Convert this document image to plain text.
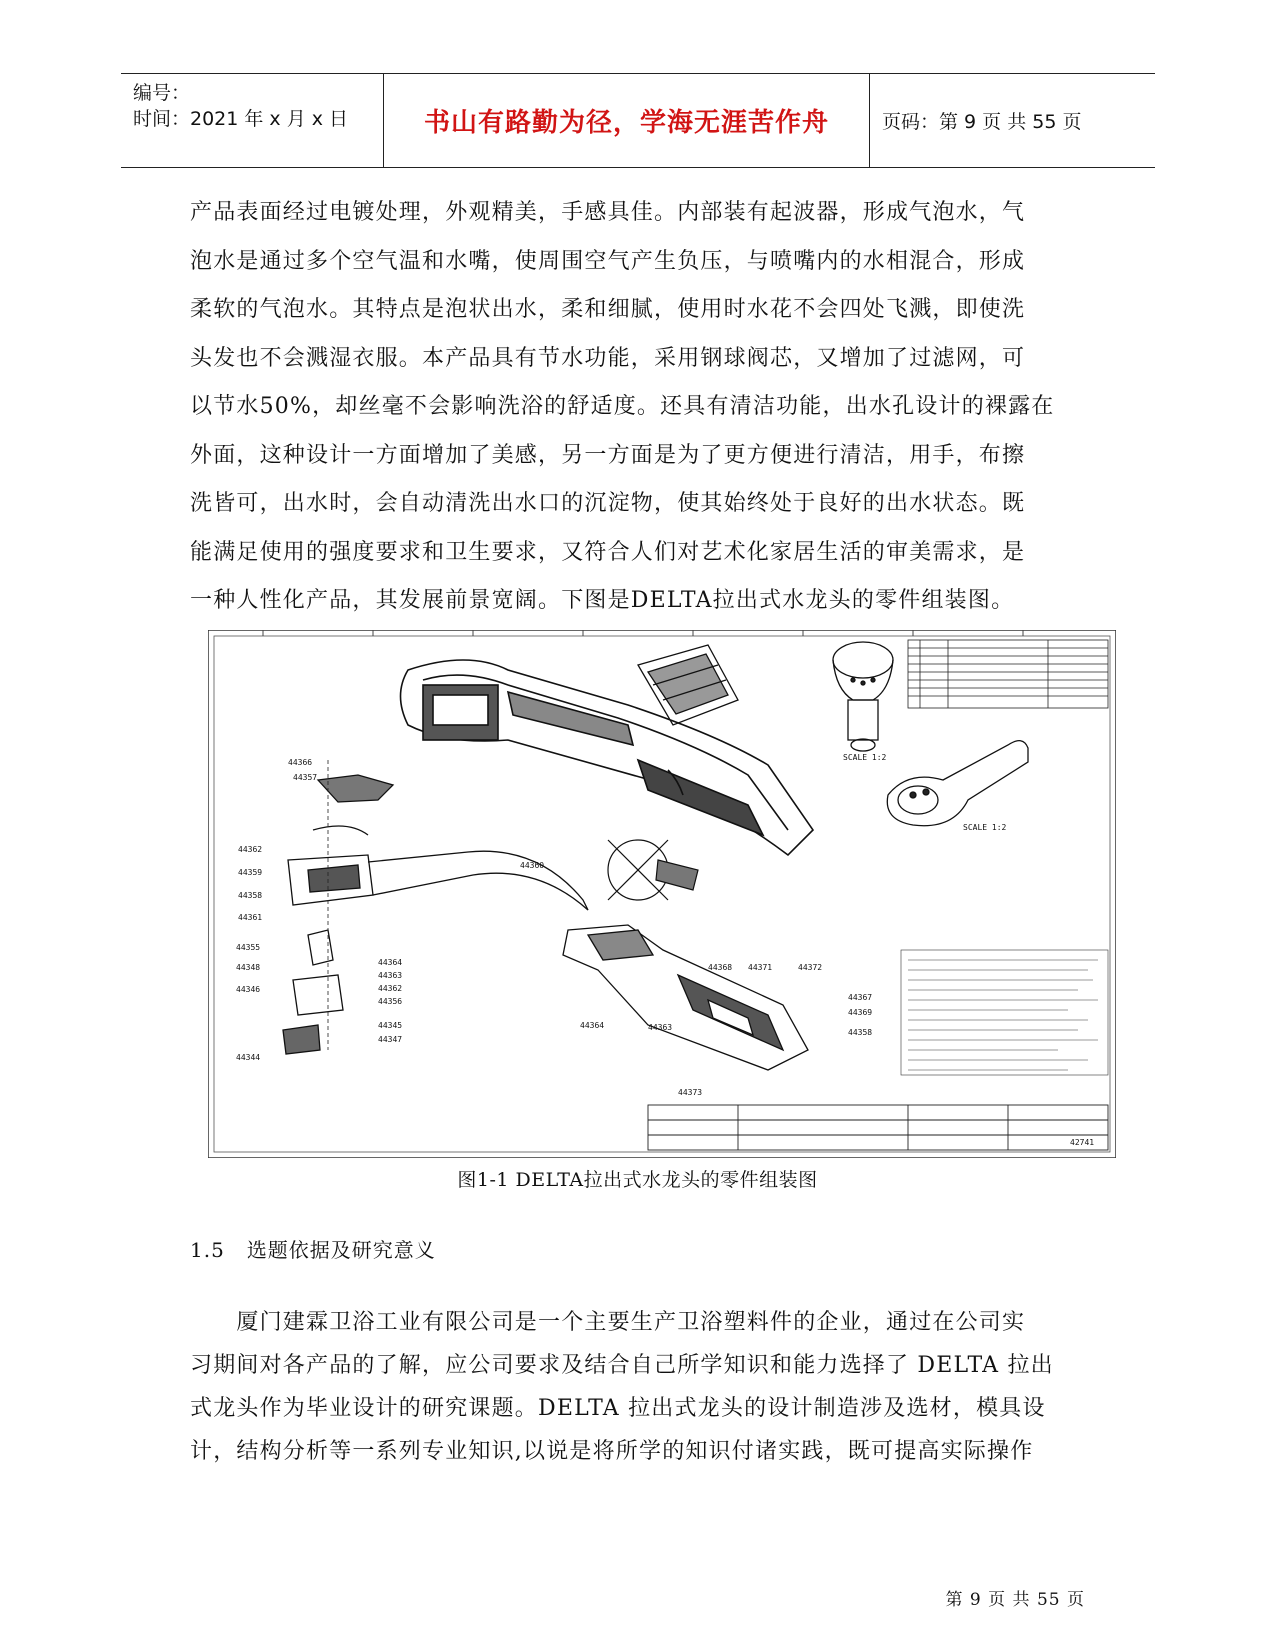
编号：
时间：2021 年 x 月 x 日	书山有路勤为径，学海无涯苦作舟	页码：第 9 页 共 55 页
产品表面经过电镀处理，外观精美，手感具佳。内部装有起波器，形成气泡水，气
泡水是通过多个空气温和水嘴，使周围空气产生负压，与喷嘴内的水相混合，形成
柔软的气泡水。其特点是泡状出水，柔和细腻，使用时水花不会四处飞溅，即使洗
头发也不会溅湿衣服。本产品具有节水功能，采用钢球阀芯，又增加了过滤网，可
以节水50%，却丝毫不会影响洗浴的舒适度。还具有清洁功能，出水孔设计的裸露在
外面，这种设计一方面增加了美感，另一方面是为了更方便进行清洁，用手，布擦
洗皆可，出水时，会自动清洗出水口的沉淀物，使其始终处于良好的出水状态。既
能满足使用的强度要求和卫生要求，又符合人们对艺术化家居生活的审美需求，是
一种人性化产品，其发展前景宽阔。下图是DELTA拉出式水龙头的零件组装图。
44366
44357
44362
44359
44358
44361
44355
44348
44346
44344
44364
44363
44362
44356
44345
44347
44360
44368 44371	44372
44367
44369
44358
44364	44363
44373
SCALE 1:2
SCALE 1:2
42741
图1-1 DELTA拉出式水龙头的零件组装图
1.5 选题依据及研究意义
　　厦门建霖卫浴工业有限公司是一个主要生产卫浴塑料件的企业，通过在公司实
习期间对各产品的了解，应公司要求及结合自己所学知识和能力选择了 DELTA 拉出
式龙头作为毕业设计的研究课题。DELTA 拉出式龙头的设计制造涉及选材，模具设
计，结构分析等一系列专业知识,以说是将所学的知识付诸实践，既可提高实际操作
第 9 页 共 55 页
